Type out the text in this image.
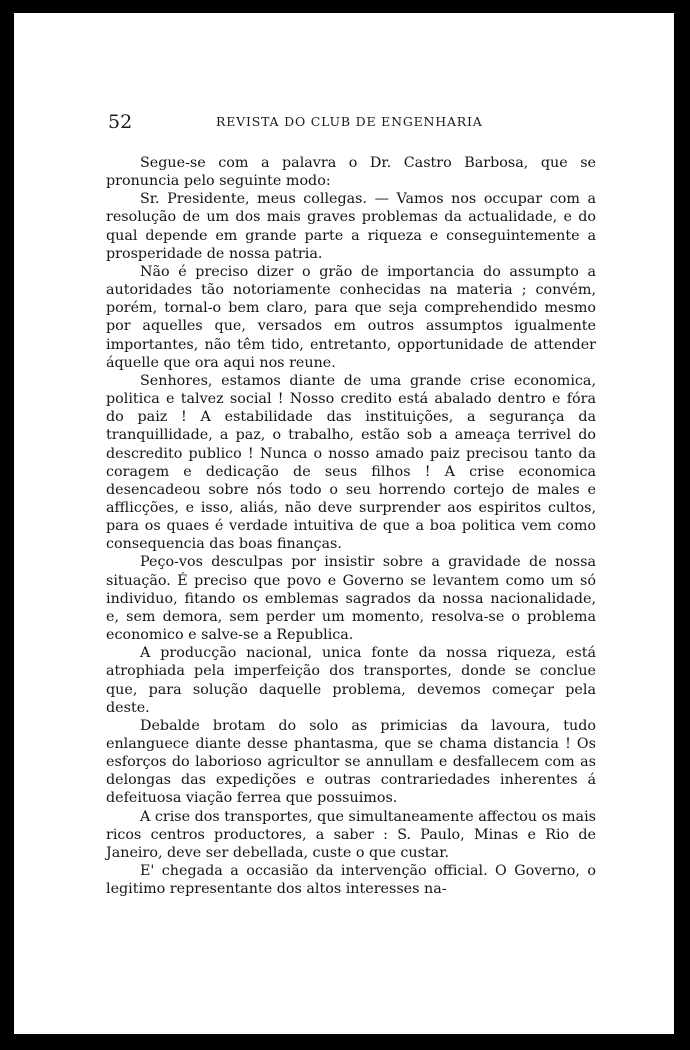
52	REVISTA DO CLUB DE ENGENHARIA

Segue-se com a palavra o Dr. Castro Barbosa, que se pronuncia pelo seguinte modo:

Sr. Presidente, meus collegas. — Vamos nos occupar com a resolução de um dos mais graves problemas da actualidade, e do qual depende em grande parte a riqueza e conseguintemente a prosperidade de nossa patria.

Não é preciso dizer o grão de importancia do assumpto a autoridades tão notoriamente conhecidas na materia ; convém, porém, tornal-o bem claro, para que seja comprehendido mesmo por aquelles que, versados em outros assumptos igualmente importantes, não têm tido, entretanto, opportunidade de attender áquelle que ora aqui nos reune.

Senhores, estamos diante de uma grande crise economica, politica e talvez social ! Nosso credito está abalado dentro e fóra do paiz ! A estabilidade das instituições, a segurança da tranquillidade, a paz, o trabalho, estão sob a ameaça terrivel do descredito publico ! Nunca o nosso amado paiz precisou tanto da coragem e dedicação de seus filhos ! A crise economica desencadeou sobre nós todo o seu horrendo cortejo de males e afflicções, e isso, aliás, não deve surprender aos espiritos cultos, para os quaes é verdade intuitiva de que a boa politica vem como consequencia das boas finanças.

Peço-vos desculpas por insistir sobre a gravidade de nossa situação. É preciso que povo e Governo se levantem como um só individuo, fitando os emblemas sagrados da nossa nacionalidade, e, sem demora, sem perder um momento, resolva-se o problema economico e salve-se a Republica.

A producção nacional, unica fonte da nossa riqueza, está atrophiada pela imperfeição dos transportes, donde se conclue que, para solução daquelle problema, devemos começar pela deste.

Debalde brotam do solo as primicias da lavoura, tudo enlanguece diante desse phantasma, que se chama distancia ! Os esforços do laborioso agricultor se annullam e desfallecem com as delongas das expedições e outras contrariedades inherentes á defeituosa viação ferrea que possuimos.

A crise dos transportes, que simultaneamente affectou os mais ricos centros productores, a saber : S. Paulo, Minas e Rio de Janeiro, deve ser debellada, custe o que custar.

E' chegada a occasião da intervenção official. O Governo, o legitimo representante dos altos interesses na-
